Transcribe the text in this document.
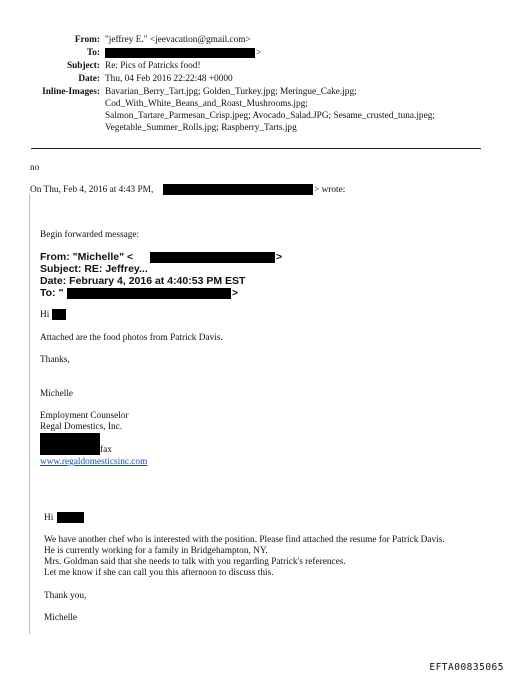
From: "jeffrey E." <jeevacation@gmail.com>
To:	>
Subject: Re: Pics of Patricks food!
Date: Thu, 04 Feb 2016 22:22:48 +0000
Inline-Images: Bavarian_Berry_Tart.jpg; Golden_Turkey.jpg; Meringue_Cake.jpg;
Cod_With_White_Beans_and_Roast_Mushrooms.jpg;
Salmon_Tartare_Parmesan_Crisp.jpeg; Avocado_Salad.JPG; Sesame_crusted_tuna.jpeg;
Vegetable_Summer_Rolls.jpg; Raspberry_Tarts.jpg
no
On Thu, Feb 4, 2016 at 4:43 PM,	> wrote:
Begin forwarded message:
From: "Michelle" <	>
Subject: RE: Jeffrey...
Date: February 4, 2016 at 4:40:53 PM EST
To: "	>
Hi
Attached are the food photos from Patrick Davis.
Thanks,
Michelle
Employment Counselor
Regal Domestics, Inc.
fax
www.regaldomesticsinc.com
Hi
We have another chef who is interested with the position. Please find attached the resume for Patrick Davis.
He is currently working for a family in Bridgehampton, NY.
Mrs. Goldman said that she needs to talk with you regarding Patrick's references.
Let me know if she can call you this afternoon to discuss this.
Thank you,
Michelle
EFTA00835065
